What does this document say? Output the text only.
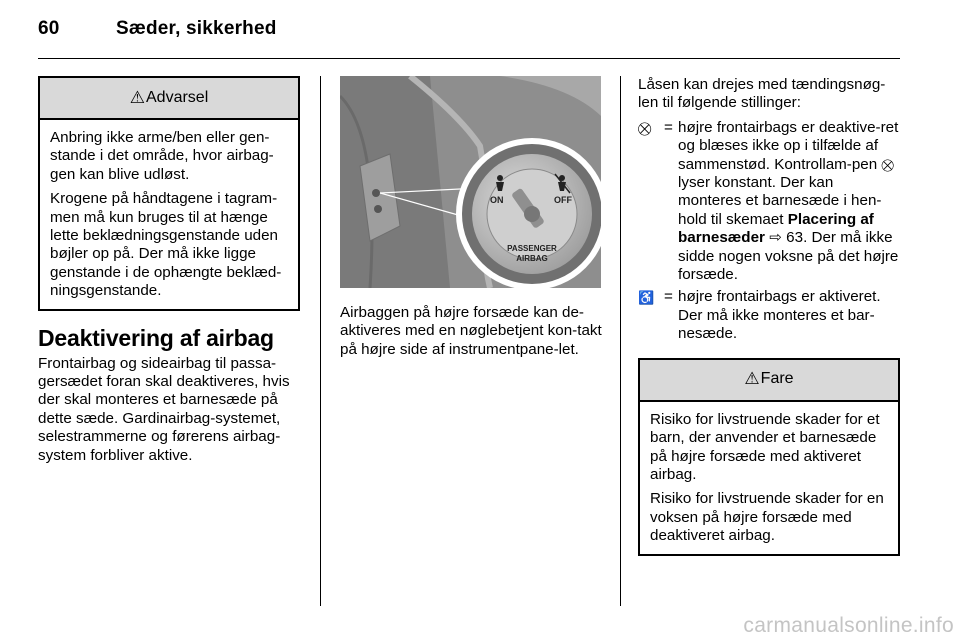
60	Sæder, sikkerhed
⚠ Advarsel

Anbring ikke arme/ben eller gen-stande i det område, hvor airbag-gen kan blive udløst.

Krogene på håndtagene i tagram-men må kun bruges til at hænge lette beklædningsgenstande uden bøjler op på. Der må ikke ligge genstande i de ophængte beklæd-ningsgenstande.

Deaktivering af airbag

Frontairbag og sideairbag til passa-gersædet foran skal deaktiveres, hvis der skal monteres et barnesæde på dette sæde. Gardinairbag-systemet, selestrammerne og førerens airbag-system forbliver aktive.

ON	OFF
PASSENGER
AIRBAG

Airbaggen på højre forsæde kan de-aktiveres med en nøglebetjent kon-takt på højre side af instrumentpane-let.

Låsen kan drejes med tændingsnøg-len til følgende stillinger:

⛒ = højre frontairbags er deaktive-ret og blæses ikke op i tilfælde af sammenstød. Kontrollam-pen ⛒ lyser konstant. Der kan monteres et barnesæde i hen-hold til skemaet Placering af barnesæder ⇨ 63. Der må ikke sidde nogen voksne på det højre forsæde.
♿ = højre frontairbags er aktiveret. Der må ikke monteres et bar-nesæde.
⚠ Fare

Risiko for livstruende skader for et barn, der anvender et barnesæde på højre forsæde med aktiveret airbag.

Risiko for livstruende skader for en voksen på højre forsæde med deaktiveret airbag.

carmanualsonline.info
